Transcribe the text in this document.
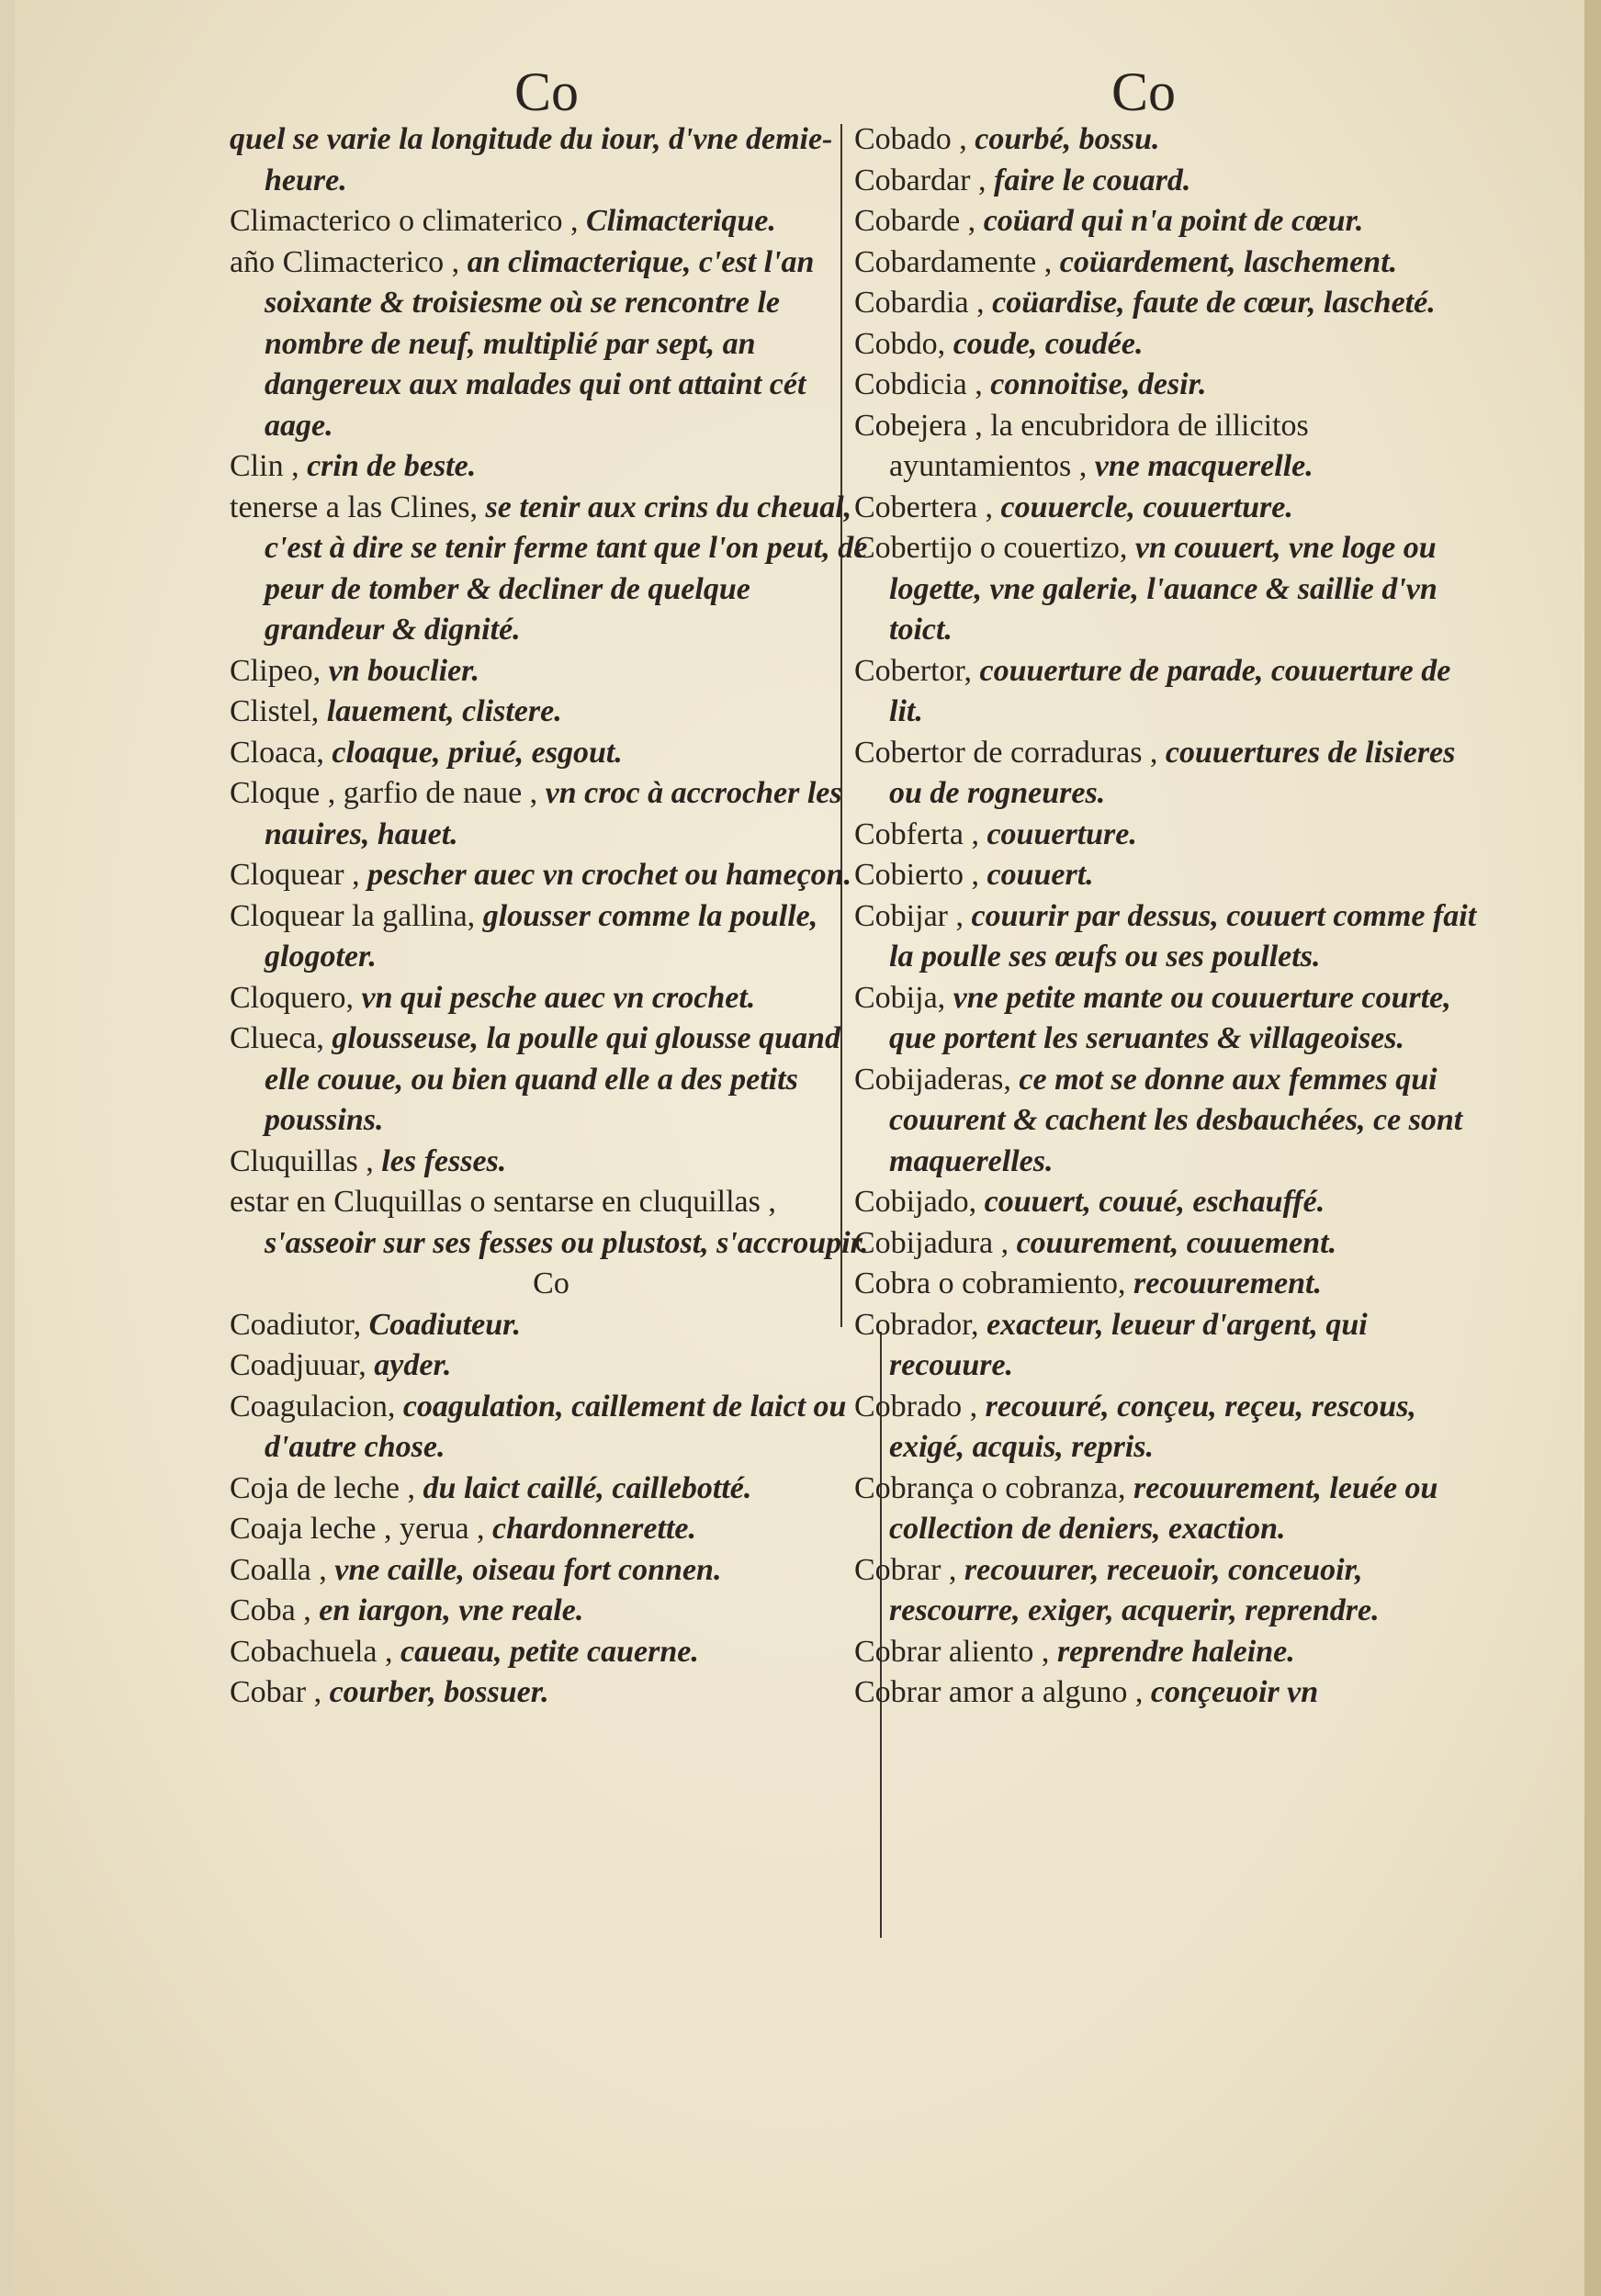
Co	Co

quel se varie la longitude du iour, d'vne demie-heure.

Climacterico o climaterico , Climacterique.

año Climacterico , an climacterique, c'est l'an soixante & troisiesme où se rencontre le nombre de neuf, multiplié par sept, an dangereux aux malades qui ont attaint cét aage.

Clin , crin de beste.

tenerse a las Clines, se tenir aux crins du cheual, c'est à dire se tenir ferme tant que l'on peut, de peur de tomber & decliner de quelque grandeur & dignité.

Clipeo, vn bouclier.

Clistel, lauement, clistere.

Cloaca, cloaque, priué, esgout.

Cloque , garfio de naue , vn croc à accrocher les nauires, hauet.

Cloquear , pescher auec vn crochet ou hameçon.

Cloquear la gallina, glousser comme la poulle, glogoter.

Cloquero, vn qui pesche auec vn crochet.

Clueca, glousseuse, la poulle qui glousse quand elle couue, ou bien quand elle a des petits poussins.

Cluquillas , les fesses.

estar en Cluquillas o sentarse en cluquillas , s'asseoir sur ses fesses ou plustost, s'accroupir.

Co

Coadiutor, Coadiuteur.

Coadjuuar, ayder.

Coagulacion, coagulation, caillement de laict ou d'autre chose.

Coja de leche , du laict caillé, caillebotté.

Coaja leche , yerua , chardonnerette.

Coalla , vne caille, oiseau fort connen.

Coba , en iargon, vne reale.

Cobachuela , caueau, petite cauerne.

Cobar , courber, bossuer.

Cobado , courbé, bossu.

Cobardar , faire le couard.

Cobarde , coüard qui n'a point de cœur.

Cobardamente , coüardement, laschement.

Cobardia , coüardise, faute de cœur, lascheté.

Cobdo, coude, coudée.

Cobdicia , connoitise, desir.

Cobejera , la encubridora de illicitos ayuntamientos , vne macquerelle.

Cobertera , couuercle, couuerture.

Cobertijo o couertizo, vn couuert, vne loge ou logette, vne galerie, l'auance & saillie d'vn toict.

Cobertor, couuerture de parade, couuerture de lit.

Cobertor de corraduras , couuertures de lisieres ou de rogneures.

Cobferta , couuerture.

Cobierto , couuert.

Cobijar , couurir par dessus, couuert comme fait la poulle ses œufs ou ses poullets.

Cobija, vne petite mante ou couuerture courte, que portent les seruantes & villageoises.

Cobijaderas, ce mot se donne aux femmes qui couurent & cachent les desbauchées, ce sont maquerelles.

Cobijado, couuert, couué, eschauffé.

Cobijadura , couurement, couuement.

Cobra o cobramiento, recouurement.

Cobrador, exacteur, leueur d'argent, qui recouure.

Cobrado , recouuré, conçeu, reçeu, rescous, exigé, acquis, repris.

Cobrança o cobranza, recouurement, leuée ou collection de deniers, exaction.

Cobrar , recouurer, receuoir, conceuoir, rescourre, exiger, acquerir, reprendre.

Cobrar aliento , reprendre haleine.

Cobrar amor a alguno , conçeuoir vn
